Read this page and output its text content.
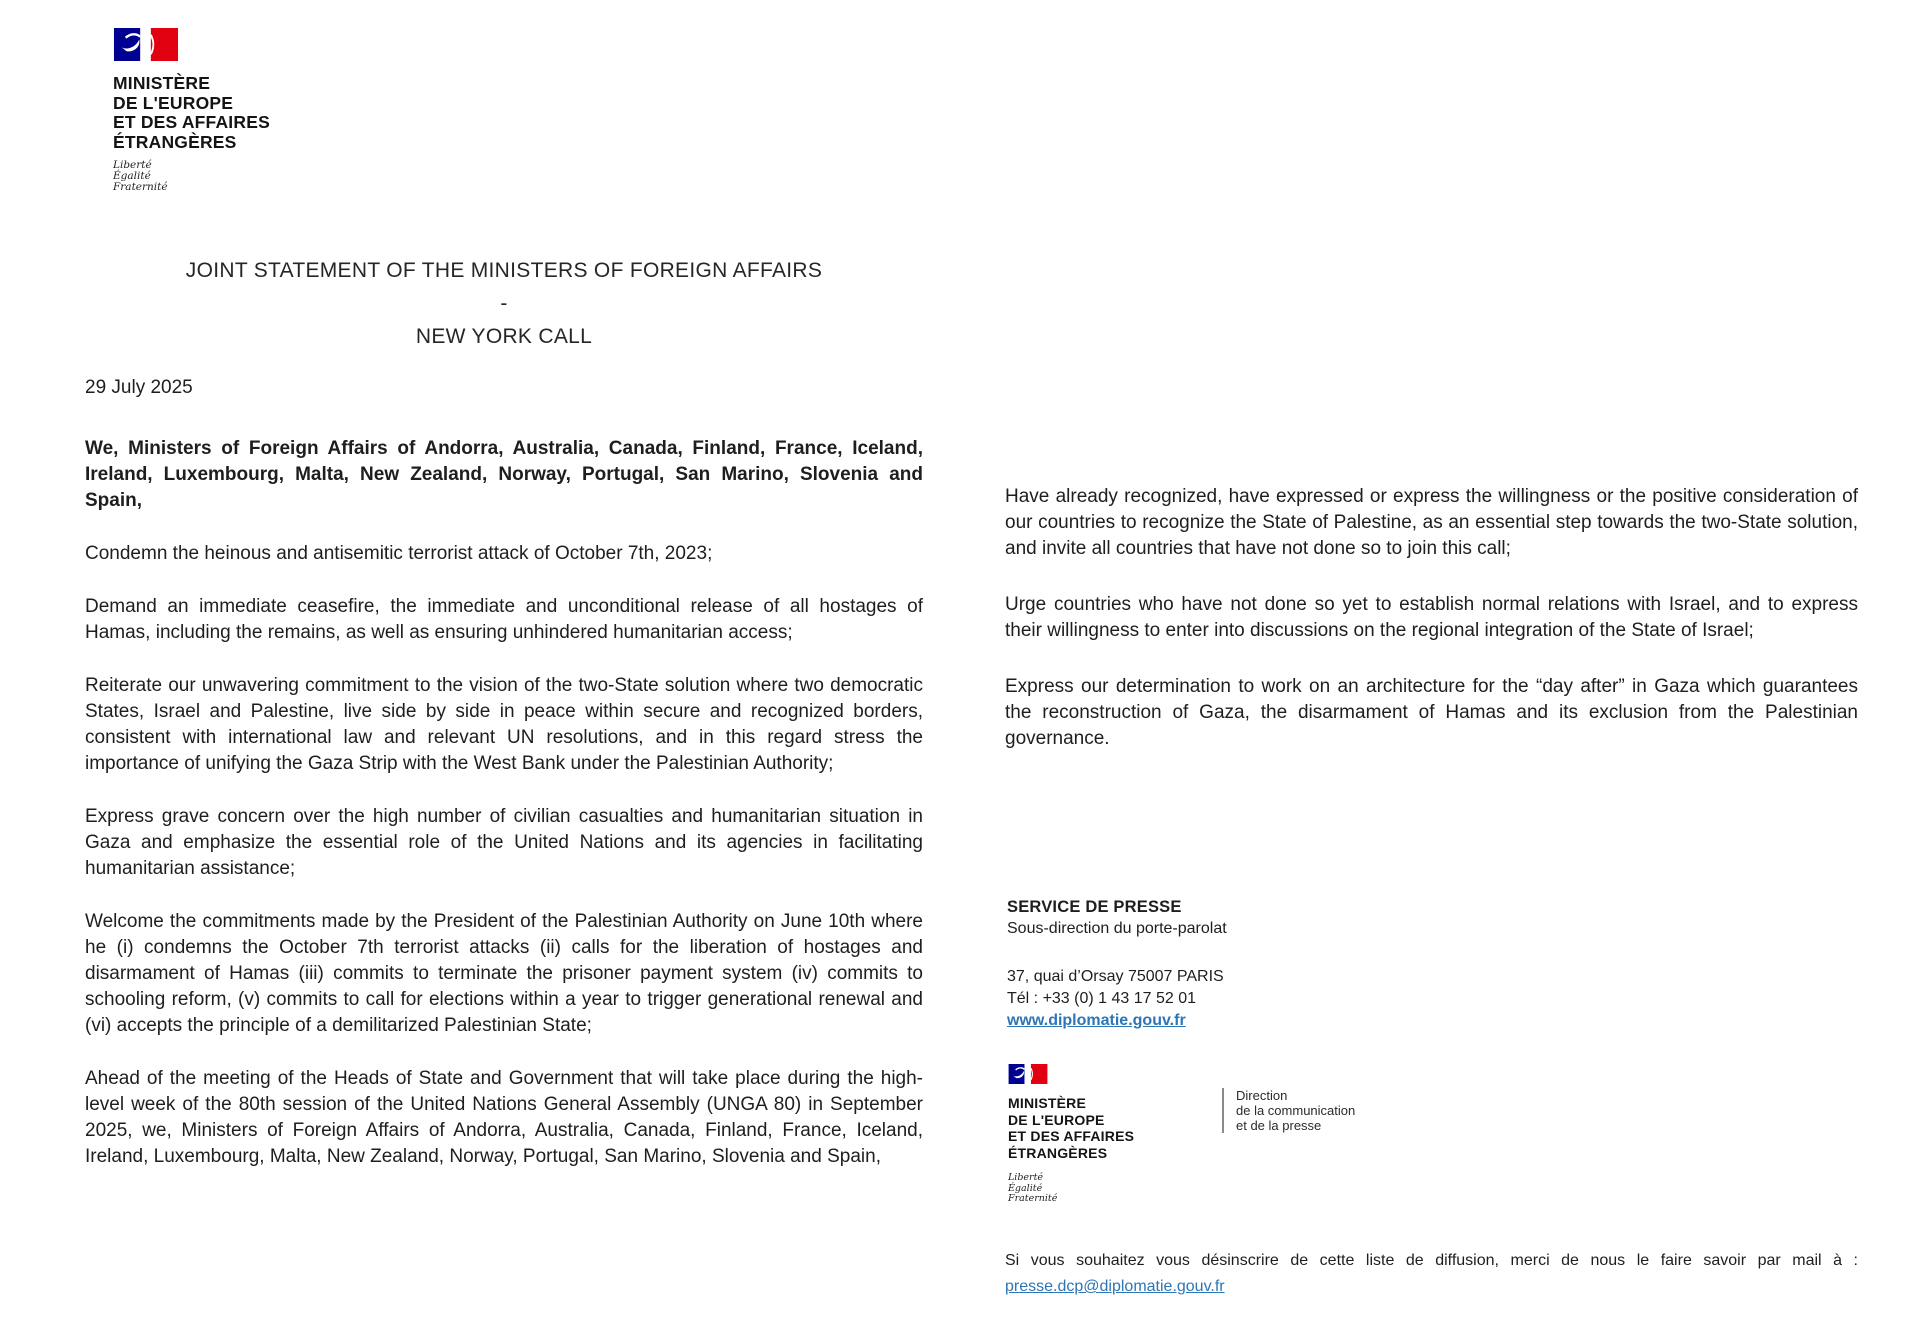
MINISTÈRE
DE L'EUROPE
ET DES AFFAIRES
ÉTRANGÈRES
Liberté
Égalité
Fraternité
JOINT STATEMENT OF THE MINISTERS OF FOREIGN AFFAIRS
-
NEW YORK CALL
29 July 2025

We, Ministers of Foreign Affairs of Andorra, Australia, Canada, Finland, France, Iceland, Ireland, Luxembourg, Malta, New Zealand, Norway, Portugal, San Marino, Slovenia and Spain,

Condemn the heinous and antisemitic terrorist attack of October 7th, 2023;

Demand an immediate ceasefire, the immediate and unconditional release of all hostages of Hamas, including the remains, as well as ensuring unhindered humanitarian access;

Reiterate our unwavering commitment to the vision of the two-State solution where two democratic States, Israel and Palestine, live side by side in peace within secure and recognized borders, consistent with international law and relevant UN resolutions, and in this regard stress the importance of unifying the Gaza Strip with the West Bank under the Palestinian Authority;

Express grave concern over the high number of civilian casualties and humanitarian situation in Gaza and emphasize the essential role of the United Nations and its agencies in facilitating humanitarian assistance;

Welcome the commitments made by the President of the Palestinian Authority on June 10th where he (i) condemns the October 7th terrorist attacks (ii) calls for the liberation of hostages and disarmament of Hamas (iii) commits to terminate the prisoner payment system (iv) commits to schooling reform, (v) commits to call for elections within a year to trigger generational renewal and (vi) accepts the principle of a demilitarized Palestinian State;

Ahead of the meeting of the Heads of State and Government that will take place during the high-level week of the 80th session of the United Nations General Assembly (UNGA 80) in September 2025, we, Ministers of Foreign Affairs of Andorra, Australia, Canada, Finland, France, Iceland, Ireland, Luxembourg, Malta, New Zealand, Norway, Portugal, San Marino, Slovenia and Spain,

Have already recognized, have expressed or express the willingness or the positive consideration of our countries to recognize the State of Palestine, as an essential step towards the two-State solution, and invite all countries that have not done so to join this call;

Urge countries who have not done so yet to establish normal relations with Israel, and to express their willingness to enter into discussions on the regional integration of the State of Israel;

Express our determination to work on an architecture for the “day after” in Gaza which guarantees the reconstruction of Gaza, the disarmament of Hamas and its exclusion from the Palestinian governance.

SERVICE DE PRESSE
Sous-direction du porte-parolat
37, quai d’Orsay 75007 PARIS
Tél : +33 (0) 1 43 17 52 01
www.diplomatie.gouv.fr
MINISTÈRE
DE L'EUROPE
ET DES AFFAIRES
ÉTRANGÈRES
Liberté
Égalité
Fraternité
Direction
de la communication
et de la presse
Si vous souhaitez vous désinscrire de cette liste de diffusion, merci de nous le faire savoir par mail à :
presse.dcp@diplomatie.gouv.fr
